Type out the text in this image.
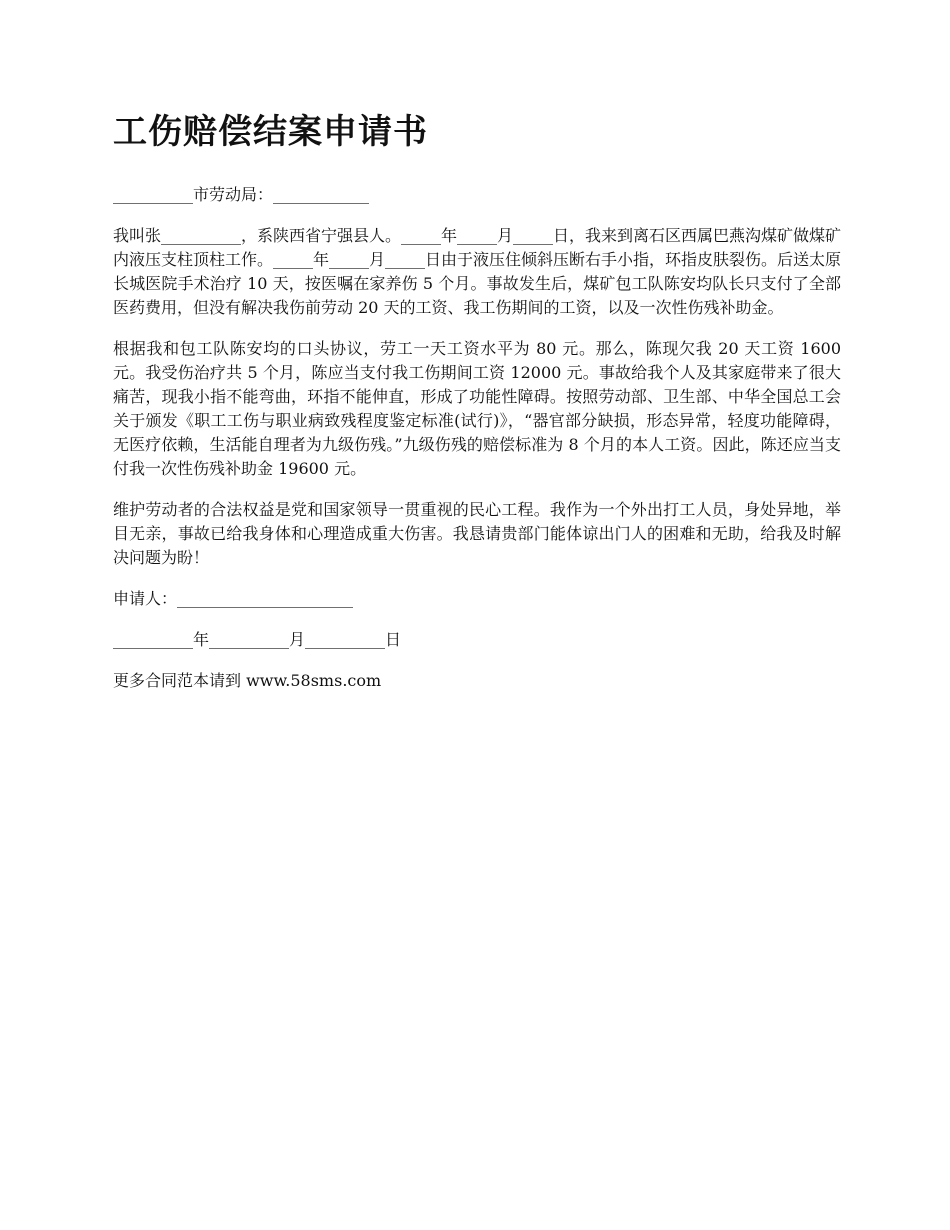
工伤赔偿结案申请书
__________市劳动局：____________

我叫张__________，系陕西省宁强县人。_____年_____月_____日，我来到离石区西属巴燕沟煤矿做煤矿内液压支柱顶柱工作。_____年_____月_____日由于液压住倾斜压断右手小指，环指皮肤裂伤。后送太原长城医院手术治疗 10 天，按医嘱在家养伤 5 个月。事故发生后，煤矿包工队陈安均队长只支付了全部医药费用，但没有解决我伤前劳动 20 天的工资、我工伤期间的工资，以及一次性伤残补助金。

根据我和包工队陈安均的口头协议，劳工一天工资水平为 80 元。那么，陈现欠我 20 天工资 1600 元。我受伤治疗共 5 个月，陈应当支付我工伤期间工资 12000 元。事故给我个人及其家庭带来了很大痛苦，现我小指不能弯曲，环指不能伸直，形成了功能性障碍。按照劳动部、卫生部、中华全国总工会关于颁发《职工工伤与职业病致残程度鉴定标准(试行)》，“器官部分缺损，形态异常，轻度功能障碍，无医疗依赖，生活能自理者为九级伤残。”九级伤残的赔偿标准为 8 个月的本人工资。因此，陈还应当支付我一次性伤残补助金 19600 元。

维护劳动者的合法权益是党和国家领导一贯重视的民心工程。我作为一个外出打工人员，身处异地，举目无亲，事故已给我身体和心理造成重大伤害。我恳请贵部门能体谅出门人的困难和无助，给我及时解决问题为盼！

申请人：______________________
__________年__________月__________日
更多合同范本请到 www.58sms.com
